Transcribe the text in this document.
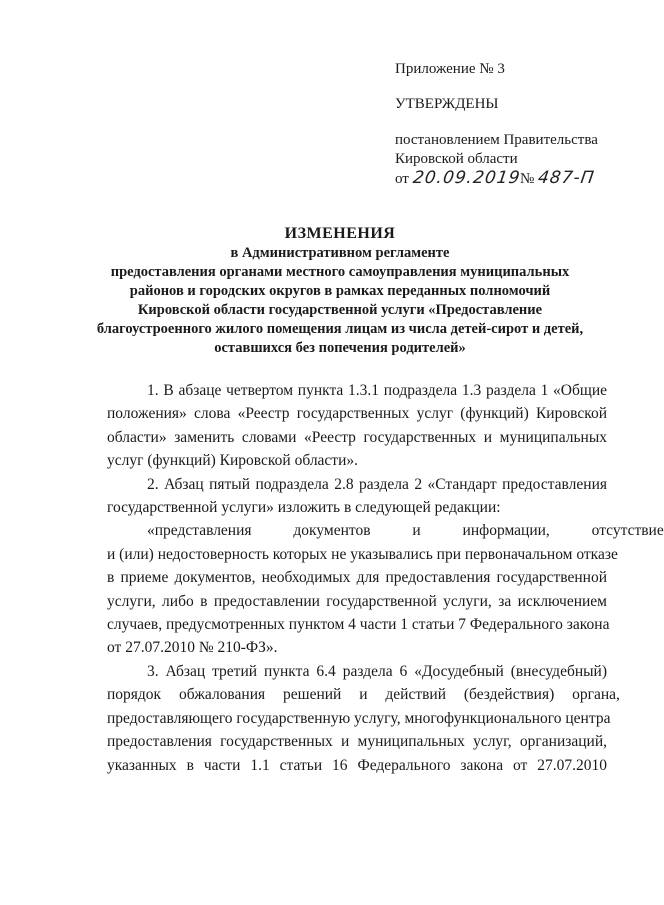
Приложение № 3
УТВЕРЖДЕНЫ
постановлением Правительства
Кировской области
от
20.09.2019
№
487-П
ИЗМЕНЕНИЯ
в Административном регламенте
предоставления органами местного самоуправления муниципальных
районов и городских округов в рамках переданных полномочий
Кировской области государственной услуги «Предоставление
благоустроенного жилого помещения лицам из числа детей-сирот и детей,
оставшихся без попечения родителей»
1. В абзаце четвертом пункта 1.3.1 подраздела 1.3 раздела 1 «Общие
положения» слова «Реестр государственных услуг (функций) Кировской
области» заменить словами «Реестр государственных и муниципальных
услуг (функций) Кировской области».
2. Абзац пятый подраздела 2.8 раздела 2 «Стандарт предоставления
государственной услуги» изложить в следующей редакции:
«представления документов и информации, отсутствие
и (или) недостоверность которых не указывались при первоначальном отказе
в приеме документов, необходимых для предоставления государственной
услуги, либо в предоставлении государственной услуги, за исключением
случаев, предусмотренных пунктом 4 части 1 статьи 7 Федерального закона
от 27.07.2010 № 210-ФЗ».
3. Абзац третий пункта 6.4 раздела 6 «Досудебный (внесудебный)
порядок обжалования решений и действий (бездействия) органа,
предоставляющего государственную услугу, многофункционального центра
предоставления государственных и муниципальных услуг, организаций,
указанных в части 1.1 статьи 16 Федерального закона от 27.07.2010
